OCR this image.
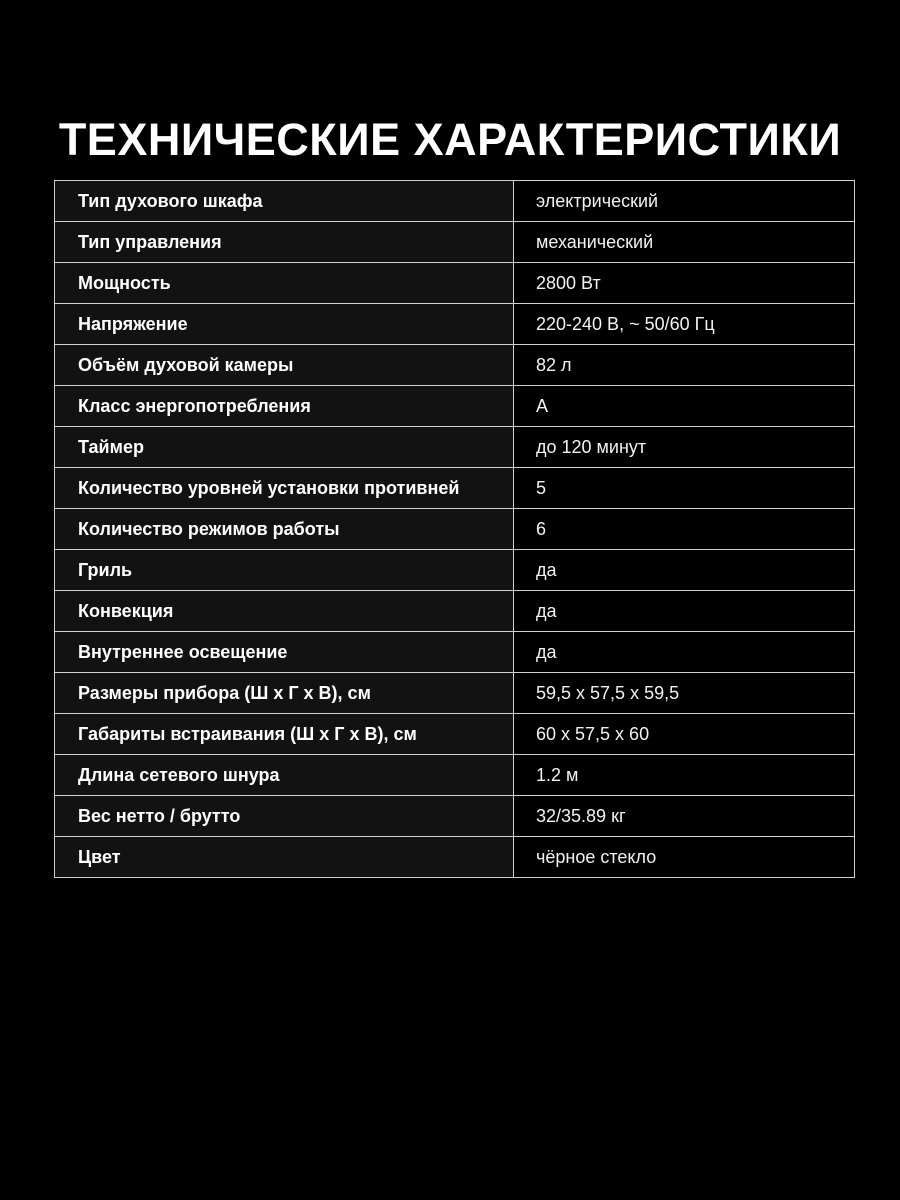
ТЕХНИЧЕСКИЕ ХАРАКТЕРИСТИКИ
Тип духового шкафа	электрический
Тип управления	механический
Мощность	2800 Вт
Напряжение	220-240 В, ~ 50/60 Гц
Объём духовой камеры	82 л
Класс энергопотребления	А
Таймер	до 120 минут
Количество уровней установки противней	5
Количество режимов работы	6
Гриль	да
Конвекция	да
Внутреннее освещение	да
Размеры прибора (Ш х Г х В), см	59,5 х 57,5 х 59,5
Габариты встраивания (Ш х Г х В), см	60 х 57,5 х 60
Длина сетевого шнура	1.2 м
Вес нетто / брутто	32/35.89 кг
Цвет	чёрное стекло
